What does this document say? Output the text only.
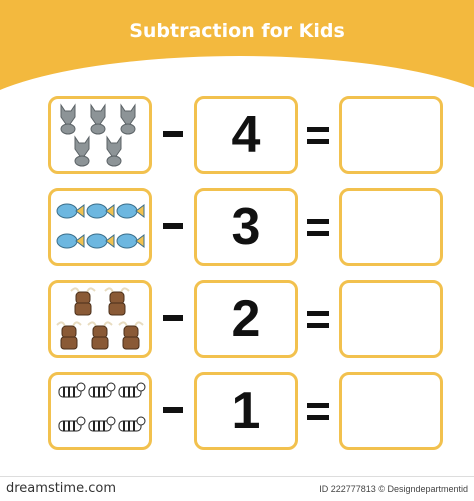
Subtraction for Kids
4
3
2
1
dreamstime.com	ID 222777813 © Designdepartmentid
